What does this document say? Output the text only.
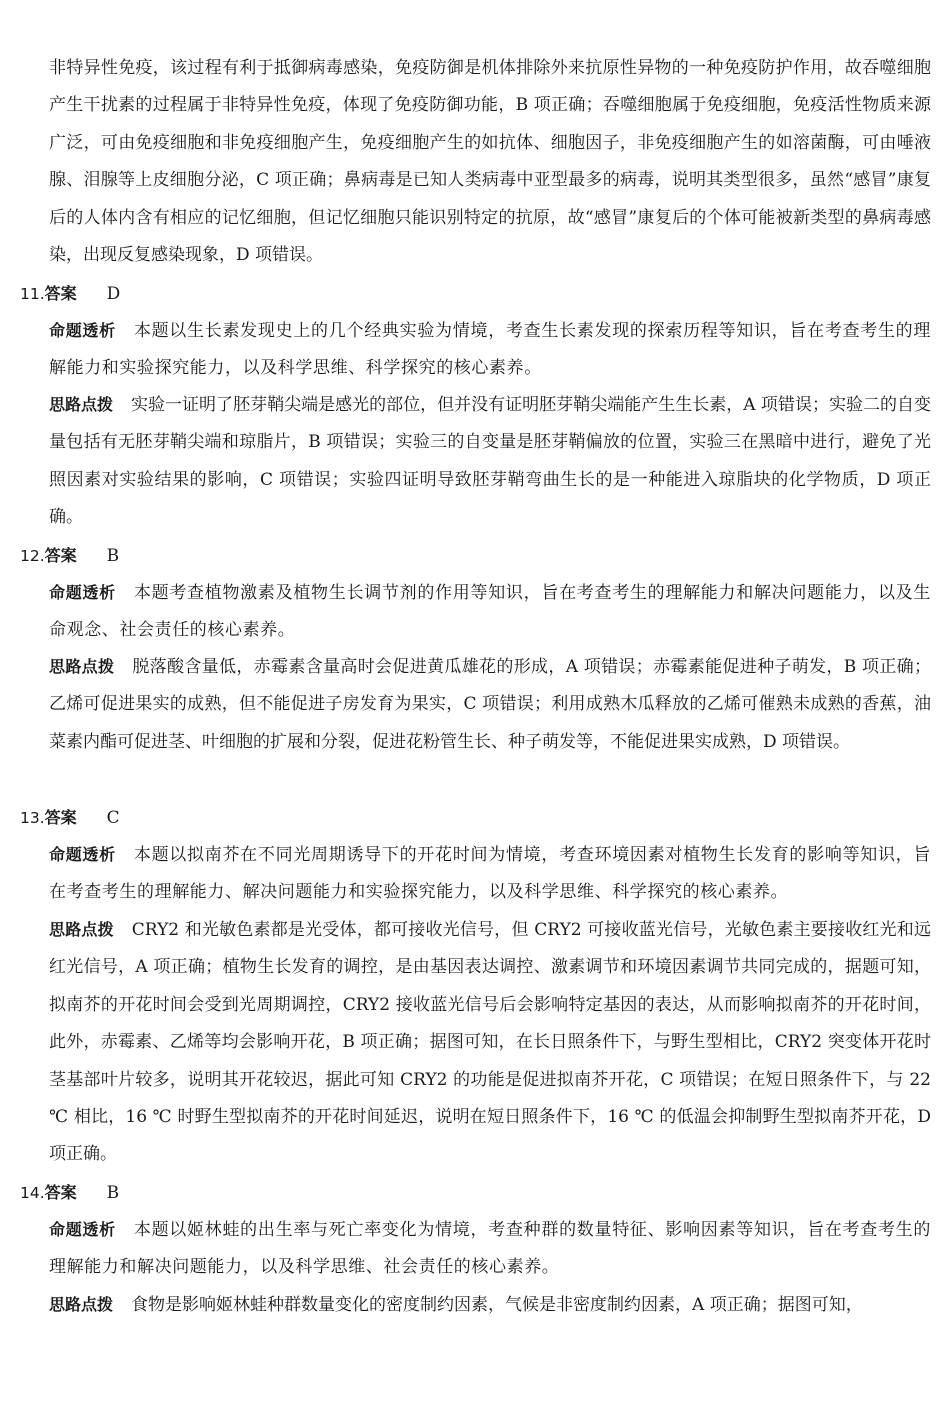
非特异性免疫，该过程有利于抵御病毒感染，免疫防御是机体排除外来抗原性异物的一种免疫防护作用，故吞噬细胞产生干扰素的过程属于非特异性免疫，体现了免疫防御功能，B 项正确；吞噬细胞属于免疫细胞，免疫活性物质来源广泛，可由免疫细胞和非免疫细胞产生，免疫细胞产生的如抗体、细胞因子，非免疫细胞产生的如溶菌酶，可由唾液腺、泪腺等上皮细胞分泌，C 项正确；鼻病毒是已知人类病毒中亚型最多的病毒，说明其类型很多，虽然“感冒”康复后的人体内含有相应的记忆细胞，但记忆细胞只能识别特定的抗原，故“感冒”康复后的个体可能被新类型的鼻病毒感染，出现反复感染现象，D 项错误。

11.答案 D

命题透析 本题以生长素发现史上的几个经典实验为情境，考查生长素发现的探索历程等知识，旨在考查考生的理解能力和实验探究能力，以及科学思维、科学探究的核心素养。

思路点拨 实验一证明了胚芽鞘尖端是感光的部位，但并没有证明胚芽鞘尖端能产生生长素，A 项错误；实验二的自变量包括有无胚芽鞘尖端和琼脂片，B 项错误；实验三的自变量是胚芽鞘偏放的位置，实验三在黑暗中进行，避免了光照因素对实验结果的影响，C 项错误；实验四证明导致胚芽鞘弯曲生长的是一种能进入琼脂块的化学物质，D 项正确。

12.答案 B

命题透析 本题考查植物激素及植物生长调节剂的作用等知识，旨在考查考生的理解能力和解决问题能力，以及生命观念、社会责任的核心素养。

思路点拨 脱落酸含量低，赤霉素含量高时会促进黄瓜雄花的形成，A 项错误；赤霉素能促进种子萌发，B 项正确；乙烯可促进果实的成熟，但不能促进子房发育为果实，C 项错误；利用成熟木瓜释放的乙烯可催熟未成熟的香蕉，油菜素内酯可促进茎、叶细胞的扩展和分裂，促进花粉管生长、种子萌发等，不能促进果实成熟，D 项错误。

13.答案 C

命题透析 本题以拟南芥在不同光周期诱导下的开花时间为情境，考查环境因素对植物生长发育的影响等知识，旨在考查考生的理解能力、解决问题能力和实验探究能力，以及科学思维、科学探究的核心素养。

思路点拨 CRY2 和光敏色素都是光受体，都可接收光信号，但 CRY2 可接收蓝光信号，光敏色素主要接收红光和远红光信号，A 项正确；植物生长发育的调控，是由基因表达调控、激素调节和环境因素调节共同完成的，据题可知，拟南芥的开花时间会受到光周期调控，CRY2 接收蓝光信号后会影响特定基因的表达，从而影响拟南芥的开花时间，此外，赤霉素、乙烯等均会影响开花，B 项正确；据图可知，在长日照条件下，与野生型相比，CRY2 突变体开花时茎基部叶片较多，说明其开花较迟，据此可知 CRY2 的功能是促进拟南芥开花，C 项错误；在短日照条件下，与 22 ℃ 相比，16 ℃ 时野生型拟南芥的开花时间延迟，说明在短日照条件下，16 ℃ 的低温会抑制野生型拟南芥开花，D 项正确。

14.答案 B

命题透析 本题以姬林蛙的出生率与死亡率变化为情境，考查种群的数量特征、影响因素等知识，旨在考查考生的理解能力和解决问题能力，以及科学思维、社会责任的核心素养。

思路点拨 食物是影响姬林蛙种群数量变化的密度制约因素，气候是非密度制约因素，A 项正确；据图可知，
